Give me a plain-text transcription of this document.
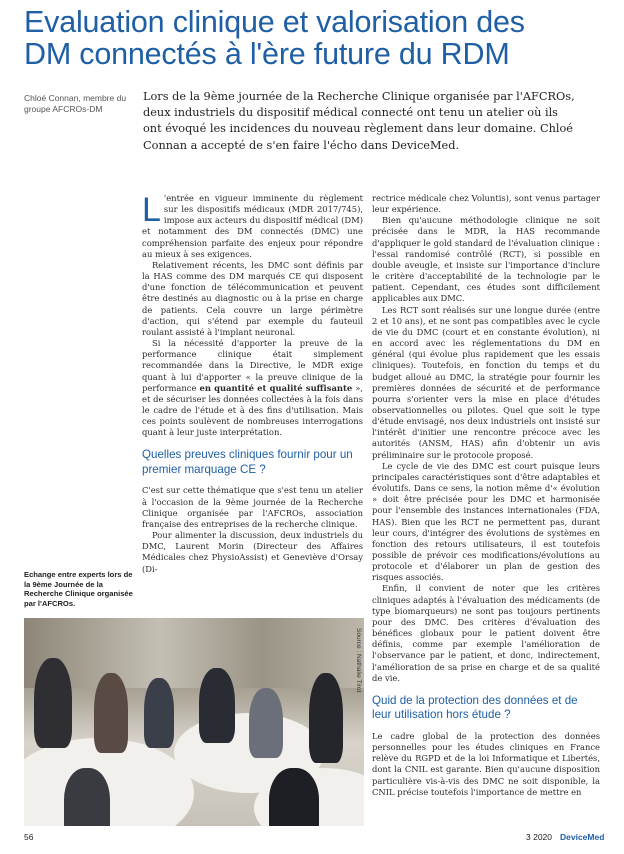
Evaluation clinique et valorisation des
DM connectés à l'ère future du RDM
Chloé Connan, membre du groupe AFCROs-DM
Lors de la 9ème journée de la Recherche Clinique organisée par l'AFCROs,
deux industriels du dispositif médical connecté ont tenu un atelier où ils
ont évoqué les incidences du nouveau règlement dans leur domaine. Chloé
Connan a accepté de s'en faire l'écho dans DeviceMed.

L 'entrée en vigueur imminente du règlement sur les dispositifs médicaux (MDR 2017/745), impose aux acteurs du dispositif médical (DM) et notamment des DM connectés (DMC) une compréhension parfaite des enjeux pour répondre au mieux à ses exigences.

Relativement récents, les DMC sont définis par la HAS comme des DM marqués CE qui disposent d'une fonction de télécommunication et peuvent être destinés au diagnostic ou à la prise en charge de patients. Cela couvre un large périmètre d'action, qui s'étend par exemple du fauteuil roulant assisté à l'implant neuronal.

Si la nécessité d'apporter la preuve de la performance clinique était simplement recommandée dans la Directive, le MDR exige quant à lui d'apporter « la preuve clinique de la performance en quantité et qualité suffisante », et de sécuriser les données collectées à la fois dans le cadre de l'étude et à des fins d'utilisation. Mais ces points soulèvent de nombreuses interrogations quant à leur juste interprétation.

Quelles preuves cliniques fournir pour un premier marquage CE ?

C'est sur cette thématique que s'est tenu un atelier à l'occasion de la 9ème journée de la Recherche Clinique organisée par l'AFCROs, association française des entreprises de la recherche clinique.

Pour alimenter la discussion, deux industriels du DMC, Laurent Morin (Directeur des Affaires Médicales chez PhysioAssist) et Geneviève d'Orsay (Di-

rectrice médicale chez Voluntis), sont venus partager leur expérience.

Bien qu'aucune méthodologie clinique ne soit précisée dans le MDR, la HAS recommande d'appliquer le gold standard de l'évaluation clinique : l'essai randomisé contrôlé (RCT), si possible en double aveugle, et insiste sur l'importance d'inclure le critère d'acceptabilité de la technologie par le patient. Cependant, ces études sont difficilement applicables aux DMC.

Les RCT sont réalisés sur une longue durée (entre 2 et 10 ans), et ne sont pas compatibles avec le cycle de vie du DMC (court et en constante évolution), ni en accord avec les réglementations du DM en général (qui évolue plus rapidement que les essais cliniques). Toutefois, en fonction du temps et du budget alloué au DMC, la stratégie pour fournir les premières données de sécurité et de performance pourra s'orienter vers la mise en place d'études observationnelles ou pilotes. Quel que soit le type d'étude envisagé, nos deux industriels ont insisté sur l'intérêt d'initier une rencontre précoce avec les autorités (ANSM, HAS) afin d'obtenir un avis préliminaire sur le protocole proposé.

Le cycle de vie des DMC est court puisque leurs principales caractéristiques sont d'être adaptables et évolutifs. Dans ce sens, la notion même d'« évolution » doit être précisée pour les DMC et harmonisée pour l'ensemble des instances internationales (FDA, HAS). Bien que les RCT ne permettent pas, durant leur cours, d'intégrer des évolutions de systèmes en fonction des retours utilisateurs, il est toutefois possible de prévoir ces modifications/évolutions au protocole et d'élaborer un plan de gestion des risques associés.

Enfin, il convient de noter que les critères cliniques adaptés à l'évaluation des médicaments (de type biomarqueurs) ne sont pas toujours pertinents pour des DMC. Des critères d'évaluation des bénéfices globaux pour le patient doivent être définis, comme par exemple l'amélioration de l'observance par le patient, et donc, indirectement, l'amélioration de sa prise en charge et de sa qualité de vie.

Quid de la protection des données et de leur utilisation hors étude ?

Le cadre global de la protection des données personnelles pour les études cliniques en France relève du RGPD et de la loi Informatique et Libertés, dont la CNIL est garante. Bien qu'aucune disposition particulière vis-à-vis des DMC ne soit disponible, la CNIL précise toutefois l'importance de mettre en

Echange entre experts lors de la 9ème Journée de la Recherche Clinique organisée par l'AFCROs.
Source : Nathalie Tirot
56	3 2020 DeviceMed
